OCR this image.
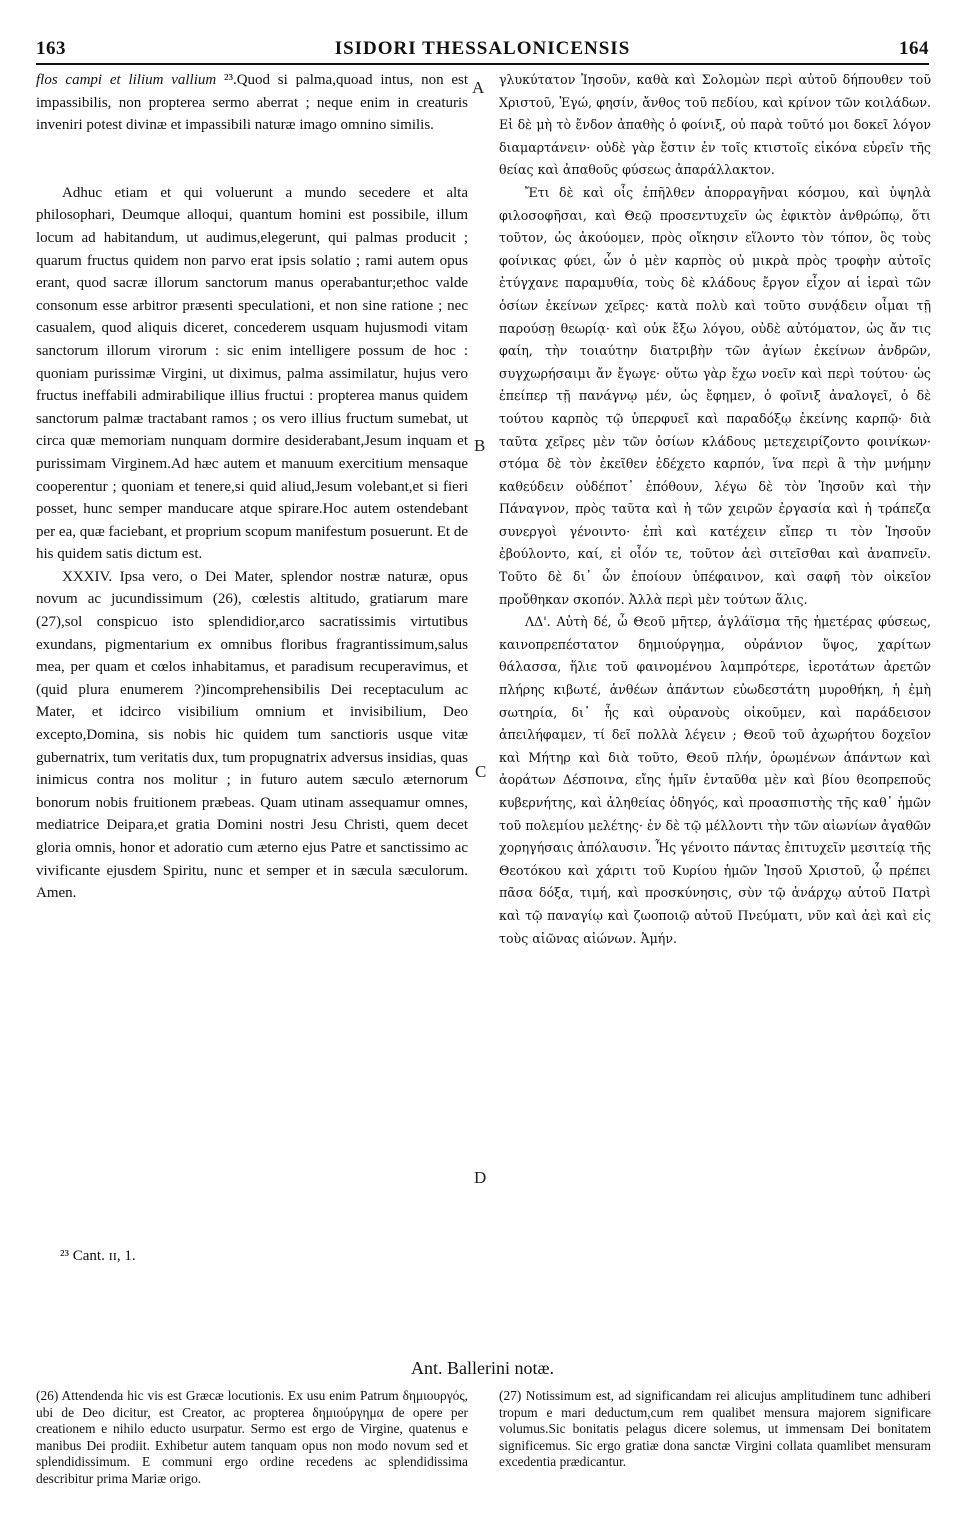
163	ISIDORI THESSALONICENSIS	164

flos campi et lilium vallium ²³.Quod si palma,quoad intus, non est impassibilis, non propterea sermo aberrat ; neque enim in creaturis inveniri potest divinæ et impassibili naturæ imago omnino similis.

Adhuc etiam et qui voluerunt a mundo secedere et alta philosophari, Deumque alloqui, quantum homini est possibile, illum locum ad habitandum, ut audimus,elegerunt, qui palmas producit ; quarum fructus quidem non parvo erat ipsis solatio ; rami autem opus erant, quod sacræ illorum sanctorum manus operabantur;ethoc valde consonum esse arbitror præsenti speculationi, et non sine ratione ; nec casualem, quod aliquis diceret, concederem usquam hujusmodi vitam sanctorum illorum virorum : sic enim intelligere possum de hoc : quoniam purissimæ Virgini, ut diximus, palma assimilatur, hujus vero fructus ineffabili admirabilique illius fructui : propterea manus quidem sanctorum palmæ tractabant ramos ; os vero illius fructum sumebat, ut circa quæ memoriam nunquam dormire desiderabant,Jesum inquam et purissimam Virginem.Ad hæc autem et manuum exercitium mensaque cooperentur ; quoniam et tenere,si quid aliud,Jesum volebant,et si fieri posset, hunc semper manducare atque spirare.Hoc autem ostendebant per ea, quæ faciebant, et proprium scopum manifestum posuerunt. Et de his quidem satis dictum est.

XXXIV. Ipsa vero, o Dei Mater, splendor nostræ naturæ, opus novum ac jucundissimum (26), cœlestis altitudo, gratiarum mare (27),sol conspicuo isto splendidior,arco sacratissimis virtutibus exundans, pigmentarium ex omnibus floribus fragrantissimum,salus mea, per quam et cœlos inhabitamus, et paradisum recuperavimus, et (quid plura enumerem ?)incomprehensibilis Dei receptaculum ac Mater, et idcirco visibilium omnium et invisibilium, Deo excepto,Domina, sis nobis hic quidem tum sanctioris usque vitæ gubernatrix, tum veritatis dux, tum propugnatrix adversus insidias, quas inimicus contra nos molitur ; in futuro autem sæculo æternorum bonorum nobis fruitionem præbeas. Quam utinam assequamur omnes, mediatrice Deipara,et gratia Domini nostri Jesu Christi, quem decet gloria omnis, honor et adoratio cum æterno ejus Patre et sanctissimo ac vivificante ejusdem Spiritu, nunc et semper et in sæcula sæculorum. Amen.

A
B
C
D

γλυκύτατον Ἰησοῦν, καθὰ καὶ Σολομὼν περὶ αὐτοῦ δήπουθεν τοῦ Χριστοῦ, Ἐγώ, φησίν, ἄνθος τοῦ πεδίου, καὶ κρίνον τῶν κοιλάδων. Εἰ δὲ μὴ τὸ ἔνδον ἀπαθὴς ὁ φοίνιξ, οὐ παρὰ τοῦτό μοι δοκεῖ λόγον διαμαρτάνειν· οὐδὲ γὰρ ἔστιν ἐν τοῖς κτιστοῖς εἰκόνα εὑρεῖν τῆς θείας καὶ ἀπαθοῦς φύσεως ἀπαράλλακτον.

Ἔτι δὲ καὶ οἷς ἐπῆλθεν ἀπορραγῆναι κόσμου, καὶ ὑψηλὰ φιλοσοφῆσαι, καὶ Θεῷ προσεντυχεῖν ὡς ἐφικτὸν ἀνθρώπῳ, ὅτι τοῦτον, ὡς ἀκούομεν, πρὸς οἴκησιν εἵλοντο τὸν τόπον, ὃς τοὺς φοίνικας φύει, ὧν ὁ μὲν καρπὸς οὐ μικρὰ πρὸς τροφὴν αὐτοῖς ἐτύγχανε παραμυθία, τοὺς δὲ κλάδους ἔργον εἶχον αἱ ἱεραὶ τῶν ὁσίων ἐκείνων χεῖρες· κατὰ πολὺ καὶ τοῦτο συνᾴδειν οἶμαι τῇ παρούσῃ θεωρίᾳ· καὶ οὐκ ἔξω λόγου, οὐδὲ αὐτόματον, ὡς ἄν τις φαίη, τὴν τοιαύτην διατριβὴν τῶν ἁγίων ἐκείνων ἀνδρῶν, συγχωρήσαιμι ἄν ἔγωγε· οὕτω γὰρ ἔχω νοεῖν καὶ περὶ τούτου· ὡς ἐπείπερ τῇ πανάγνῳ μέν, ὡς ἔφημεν, ὁ φοῖνιξ ἀναλογεῖ, ὁ δὲ τούτου καρπὸς τῷ ὑπερφυεῖ καὶ παραδόξῳ ἐκείνης καρπῷ· διὰ ταῦτα χεῖρες μὲν τῶν ὁσίων κλάδους μετεχειρίζοντο φοινίκων· στόμα δὲ τὸν ἐκεῖθεν ἐδέχετο καρπόν, ἵνα περὶ ἃ τὴν μνήμην καθεύδειν οὐδέποτ᾿ ἐπόθουν, λέγω δὲ τὸν Ἰησοῦν καὶ τὴν Πάναγνον, πρὸς ταῦτα καὶ ἡ τῶν χειρῶν ἐργασία καὶ ἡ τράπεζα συνεργοὶ γένοιντο· ἐπὶ καὶ κατέχειν εἴπερ τι τὸν Ἰησοῦν ἐβούλοντο, καί, εἰ οἷόν τε, τοῦτον ἀεὶ σιτεῖσθαι καὶ ἀναπνεῖν. Τοῦτο δὲ δι᾿ ὧν ἐποίουν ὑπέφαινον, καὶ σαφῆ τὸν οἰκεῖον προὔθηκαν σκοπόν. Ἀλλὰ περὶ μὲν τούτων ἅλις.

ΛΔ'. Αὐτὴ δέ, ὦ Θεοῦ μῆτερ, ἀγλάϊσμα τῆς ἡμετέρας φύσεως, καινοπρεπέστατον δημιούργημα, οὐράνιον ὕψος, χαρίτων θάλασσα, ἥλιε τοῦ φαινομένου λαμπρότερε, ἱεροτάτων ἀρετῶν πλήρης κιβωτέ, ἀνθέων ἁπάντων εὐωδεστάτη μυροθήκη, ἡ ἐμὴ σωτηρία, δι᾿ ἧς καὶ οὐρανοὺς οἰκοῦμεν, καὶ παράδεισον ἀπειλήφαμεν, τί δεῖ πολλὰ λέγειν ; Θεοῦ τοῦ ἀχωρήτου δοχεῖον καὶ Μήτηρ καὶ διὰ τοῦτο, Θεοῦ πλήν, ὁρωμένων ἁπάντων καὶ ἀοράτων Δέσποινα, εἴης ἡμῖν ἐνταῦθα μὲν καὶ βίου θεοπρεποῦς κυβερνήτης, καὶ ἀληθείας ὁδηγός, καὶ προασπιστὴς τῆς καθ᾿ ἡμῶν τοῦ πολεμίου μελέτης· ἐν δὲ τῷ μέλλοντι τὴν τῶν αἰωνίων ἀγαθῶν χορηγήσαις ἀπόλαυσιν. Ἧς γένοιτο πάντας ἐπιτυχεῖν μεσιτείᾳ τῆς Θεοτόκου καὶ χάριτι τοῦ Κυρίου ἡμῶν Ἰησοῦ Χριστοῦ, ᾧ πρέπει πᾶσα δόξα, τιμή, καὶ προσκύνησις, σὺν τῷ ἀνάρχῳ αὐτοῦ Πατρὶ καὶ τῷ παναγίῳ καὶ ζωοποιῷ αὐτοῦ Πνεύματι, νῦν καὶ ἀεὶ καὶ εἰς τοὺς αἰῶνας αἰώνων. Ἀμήν.

²³ Cant. ɪɪ, 1.
Ant. Ballerini notæ.

(26) Attendenda hic vis est Græcæ locutionis. Ex usu enim Patrum δημιουργός, ubi de Deo dicitur, est Creator, ac propterea δημιούργημα de opere per creationem e nihilo educto usurpatur. Sermo est ergo de Virgine, quatenus e manibus Dei prodiit. Exhibetur autem tanquam opus non modo novum sed et splendidissimum. E communi ergo ordine recedens ac splendidissima describitur prima Mariæ origo.

(27) Notissimum est, ad significandam rei alicujus amplitudinem tunc adhiberi tropum e mari deductum,cum rem qualibet mensura majorem significare volumus.Sic bonitatis pelagus dicere solemus, ut immensam Dei bonitatem significemus. Sic ergo gratiæ dona sanctæ Virgini collata quamlibet mensuram excedentia prædicantur.
